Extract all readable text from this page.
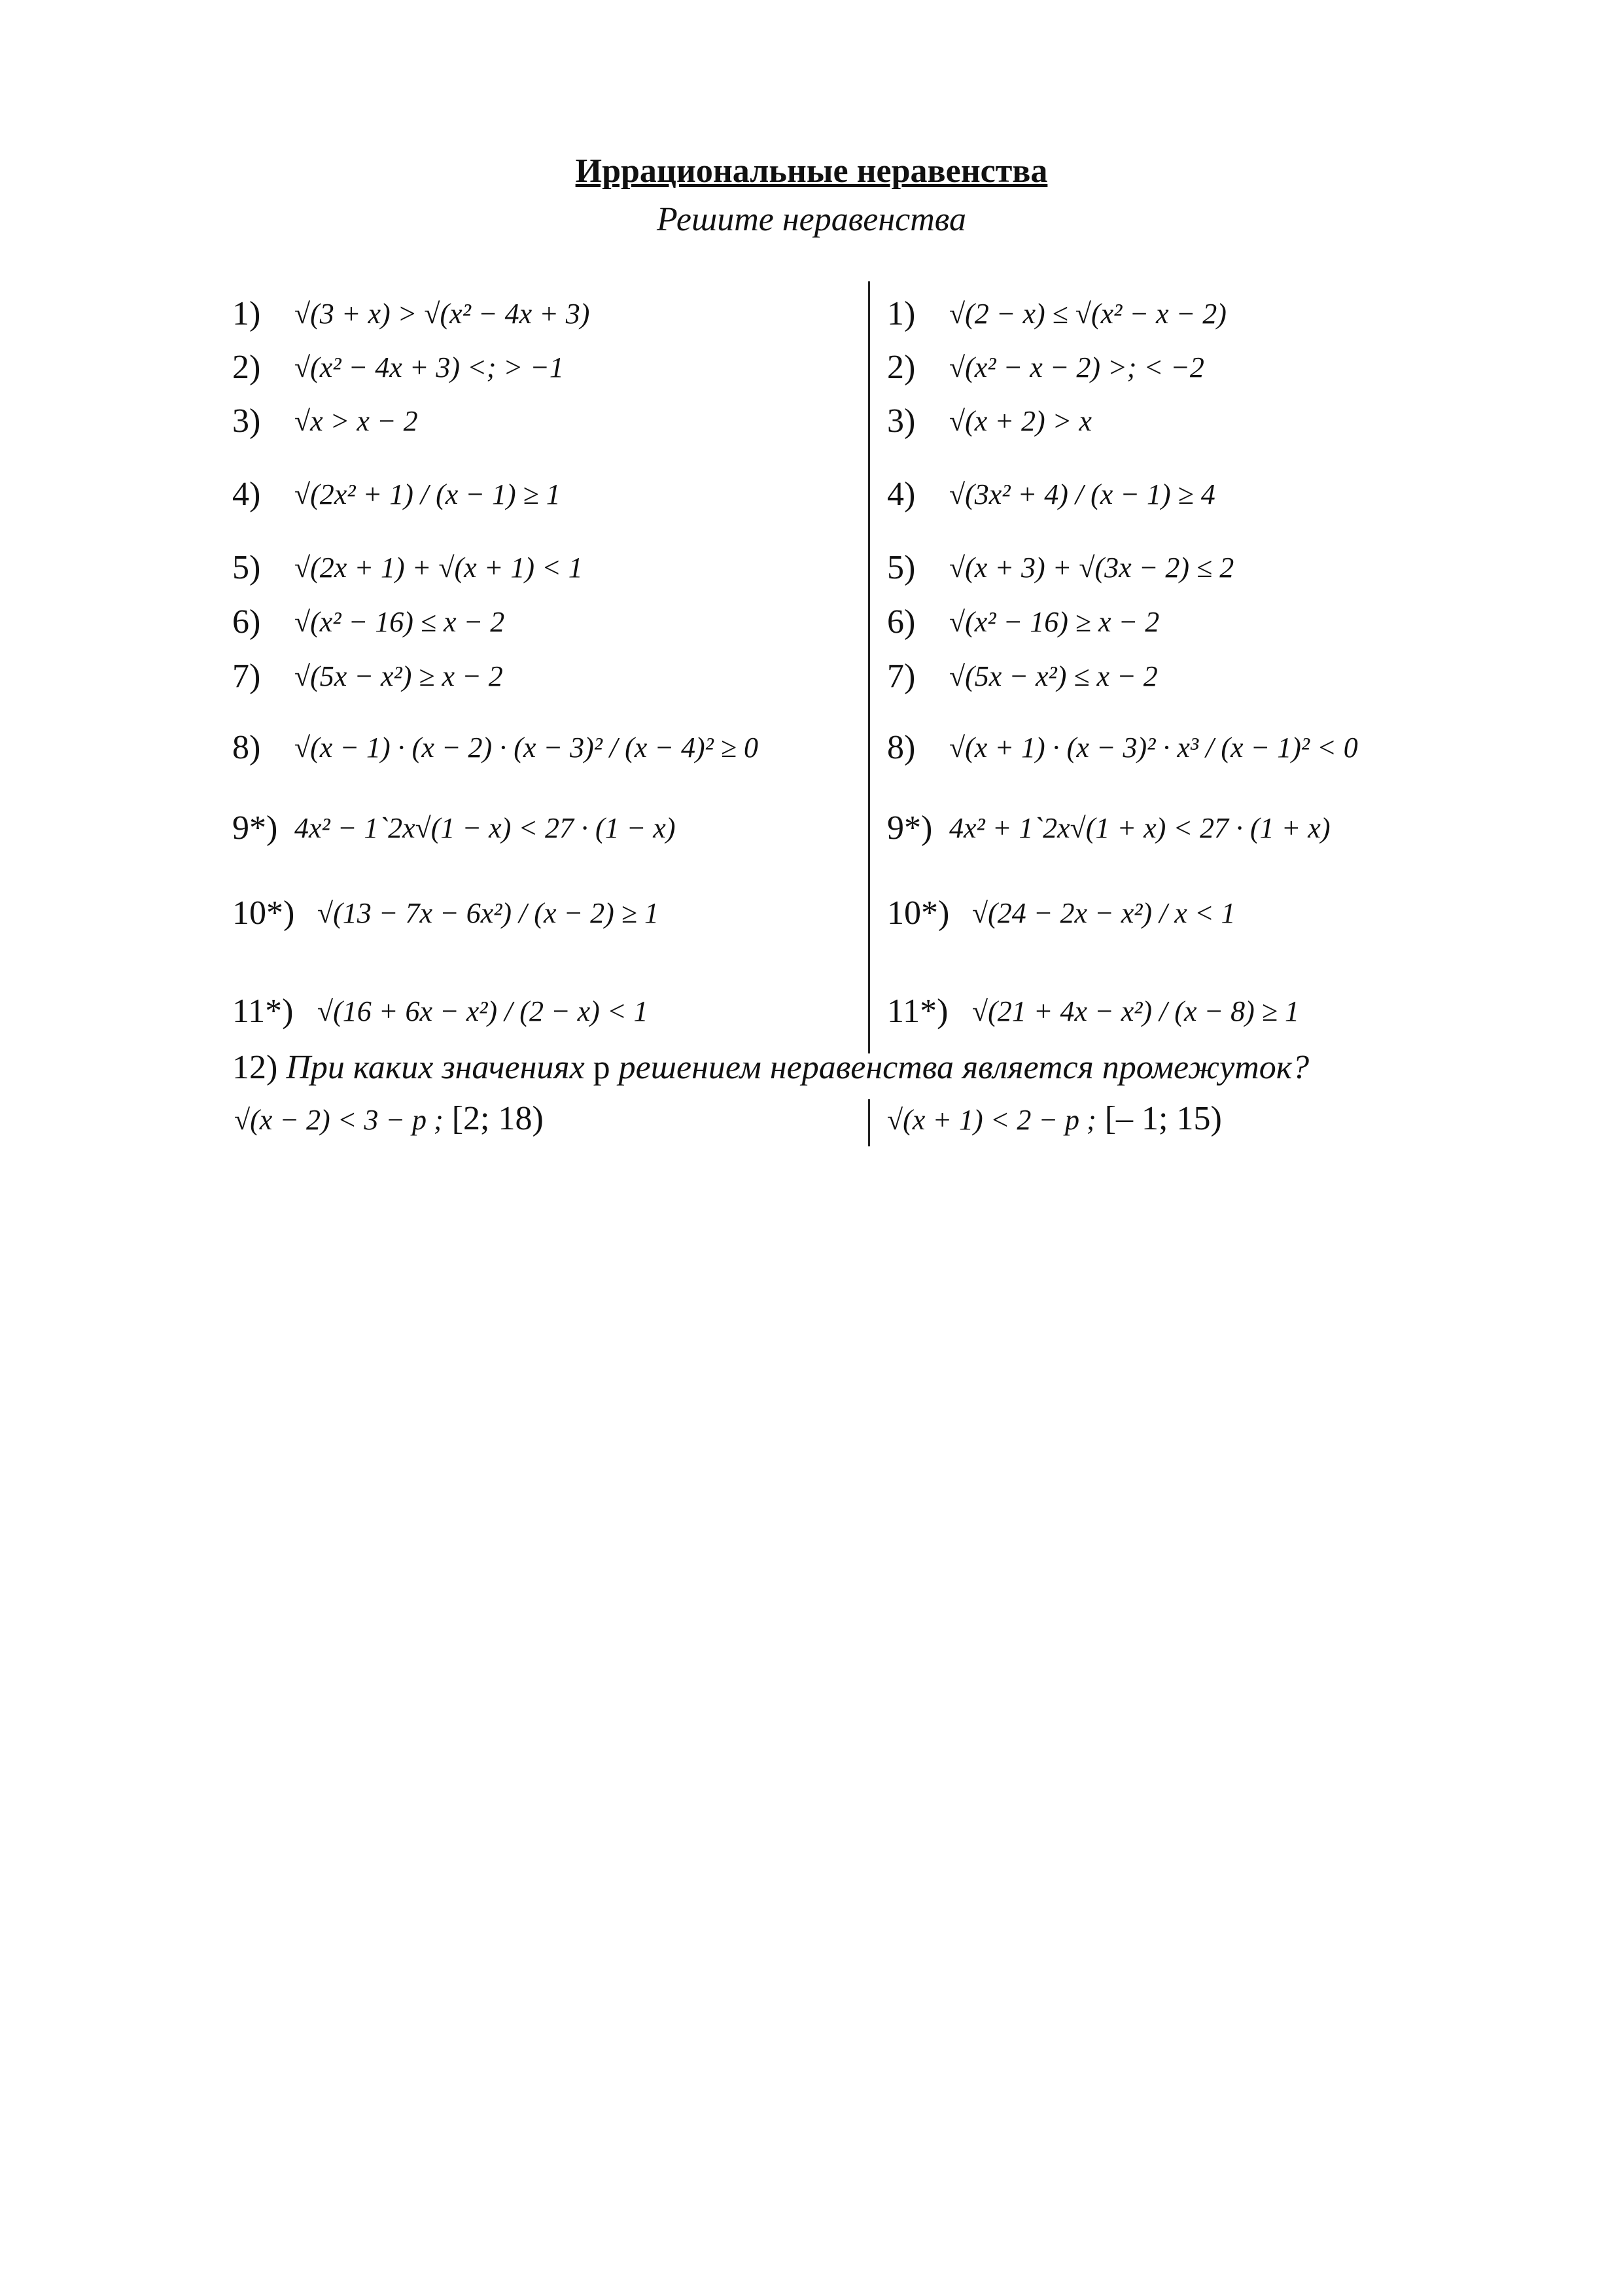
Иррациональные неравенства
Решите неравенства
1)	√(3 + x) > √(x² − 4x + 3)
2)	√(x² − 4x + 3) <; > −1
3)	√x > x − 2
4)	√(2x² + 1) / (x − 1) ≥ 1
5)	√(2x + 1) + √(x + 1) < 1
6)	√(x² − 16) ≤ x − 2
7)	√(5x − x²) ≥ x − 2
8)	√(x − 1) · (x − 2) · (x − 3)² / (x − 4)² ≥ 0
9*) 4x² − 1`2x√(1 − x) < 27 · (1 − x)
10*) √(13 − 7x − 6x²) / (x − 2) ≥ 1
11*) √(16 + 6x − x²) / (2 − x) < 1
1)	√(2 − x) ≤ √(x² − x − 2)
2)	√(x² − x − 2) >; < −2
3)	√(x + 2) > x
4)	√(3x² + 4) / (x − 1) ≥ 4
5)	√(x + 3) + √(3x − 2) ≤ 2
6)	√(x² − 16) ≥ x − 2
7)	√(5x − x²) ≤ x − 2
8)	√(x + 1) · (x − 3)² · x³ / (x − 1)² < 0
9*) 4x² + 1`2x√(1 + x) < 27 · (1 + x)
10*) √(24 − 2x − x²) / x < 1
11*) √(21 + 4x − x²) / (x − 8) ≥ 1
12) При каких значениях р решением неравенства является промежуток?
√(x − 2) < 3 − p ; [2; 18)	√(x + 1) < 2 − p ; [– 1; 15)
